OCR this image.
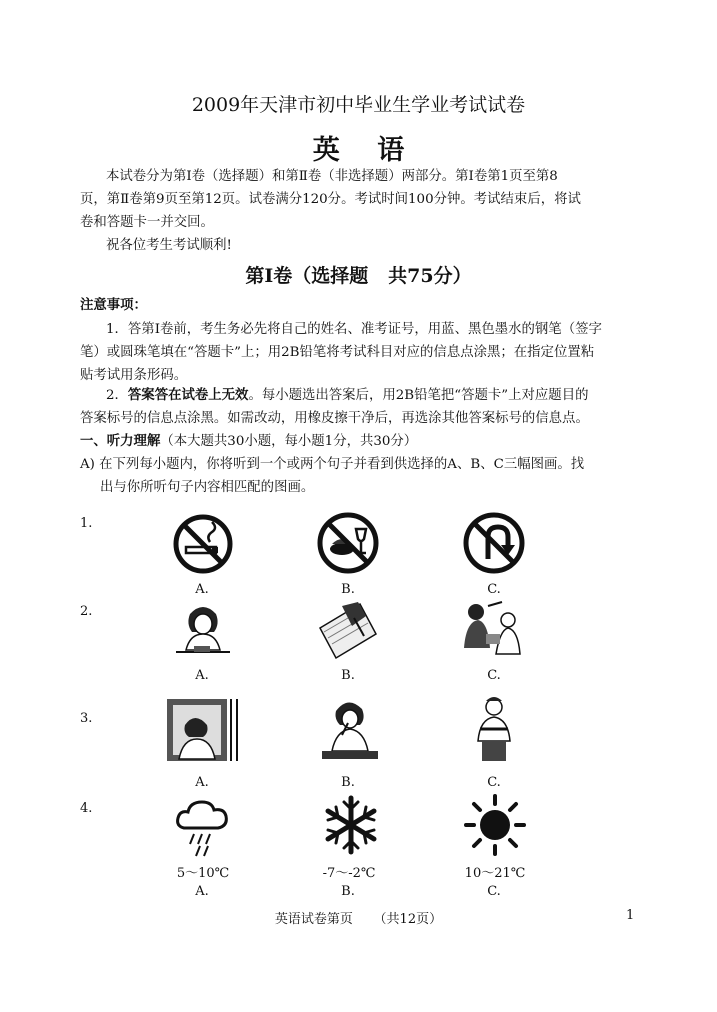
2009年天津市初中毕业生学业考试试卷
英    语
本试卷分为第Ⅰ卷（选择题）和第Ⅱ卷（非选择题）两部分。第Ⅰ卷第1页至第8
页，第Ⅱ卷第9页至第12页。试卷满分120分。考试时间100分钟。考试结束后，将试
卷和答题卡一并交回。
祝各位考生考试顺利!
第Ⅰ卷（选择题   共75分）
注意事项：
1．答第Ⅰ卷前，考生务必先将自己的姓名、准考证号，用蓝、黑色墨水的钢笔（签字
笔）或圆珠笔填在“答题卡”上；用2B铅笔将考试科目对应的信息点涂黑；在指定位置粘
贴考试用条形码。
2．答案答在试卷上无效。每小题选出答案后，用2B铅笔把“答题卡”上对应题目的
答案标号的信息点涂黑。如需改动，用橡皮擦干净后，再选涂其他答案标号的信息点。
一、听力理解（本大题共30小题，每小题1分，共30分）
A) 在下列每小题内，你将听到一个或两个句子并看到供选择的A、B、C三幅图画。找
出与你所听句子内容相匹配的图画。
1.
A.	B.	C.
2.
A.	B.	C.
3.
A.	B.	C.
4.
5～10℃	-7～-2℃	10～21℃
A.	B.	C.
英语试卷第页     （共12页）	1
